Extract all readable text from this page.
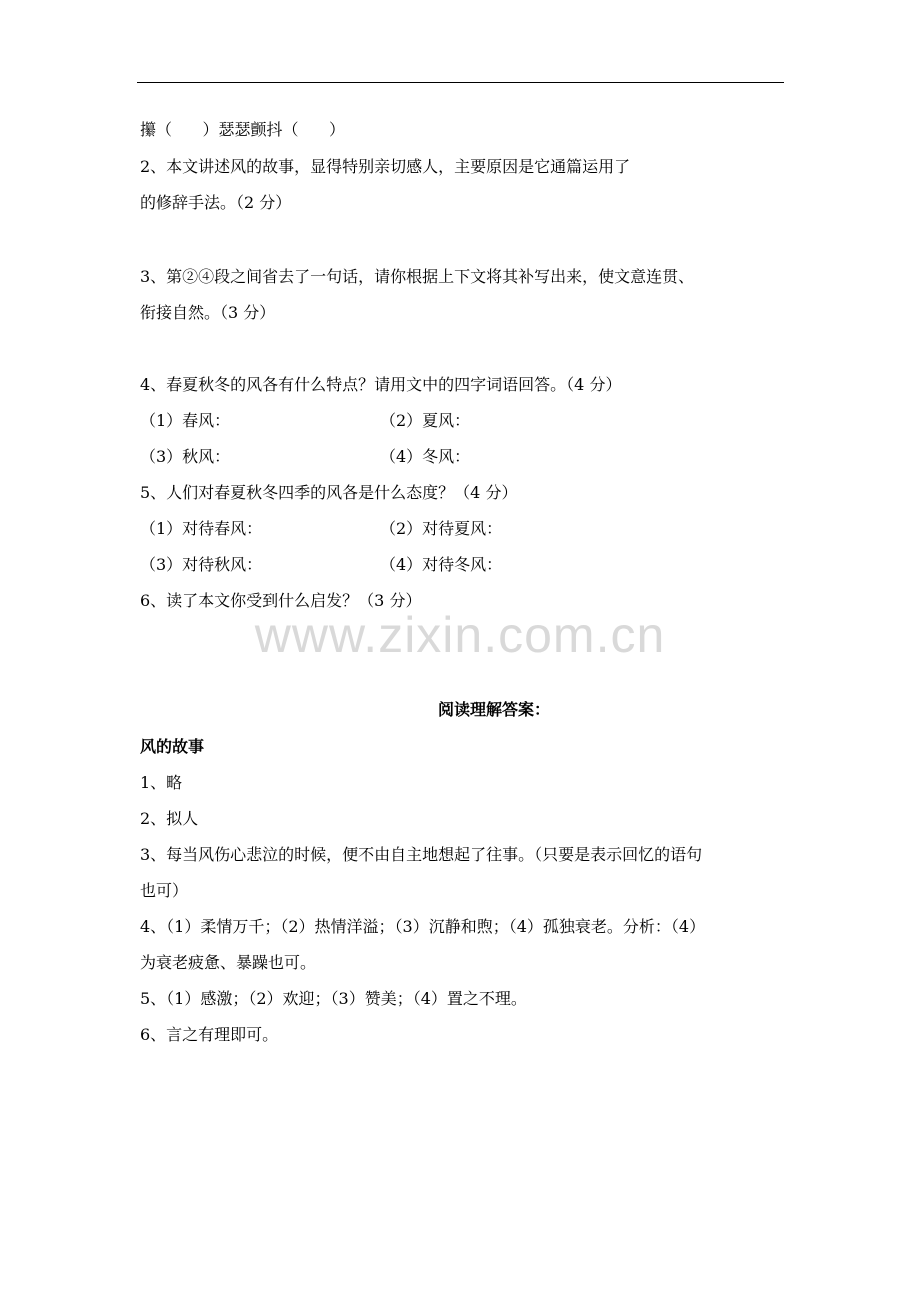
攥（      ）瑟瑟颤抖（      ）
2、本文讲述风的故事，显得特别亲切感人，主要原因是它通篇运用了
的修辞手法。（2 分）
3、第②④段之间省去了一句话，请你根据上下文将其补写出来，使文意连贯、
衔接自然。（3 分）
4、春夏秋冬的风各有什么特点？请用文中的四字词语回答。（4 分）
（1）春风：	（2）夏风：
（3）秋风：	（4）冬风：
5、人们对春夏秋冬四季的风各是什么态度？（4 分）
（1）对待春风：	（2）对待夏风：
（3）对待秋风：	（4）对待冬风：
6、读了本文你受到什么启发？（3 分）
www.zixin.com.cn
阅读理解答案：
风的故事
1、略
2、拟人
3、每当风伤心悲泣的时候，便不由自主地想起了往事。（只要是表示回忆的语句
也可）
4、（1）柔情万千；（2）热情洋溢；（3）沉静和煦；（4）孤独衰老。分析：（4）
为衰老疲惫、暴躁也可。
5、（1）感激；（2）欢迎；（3）赞美；（4）置之不理。
6、言之有理即可。
